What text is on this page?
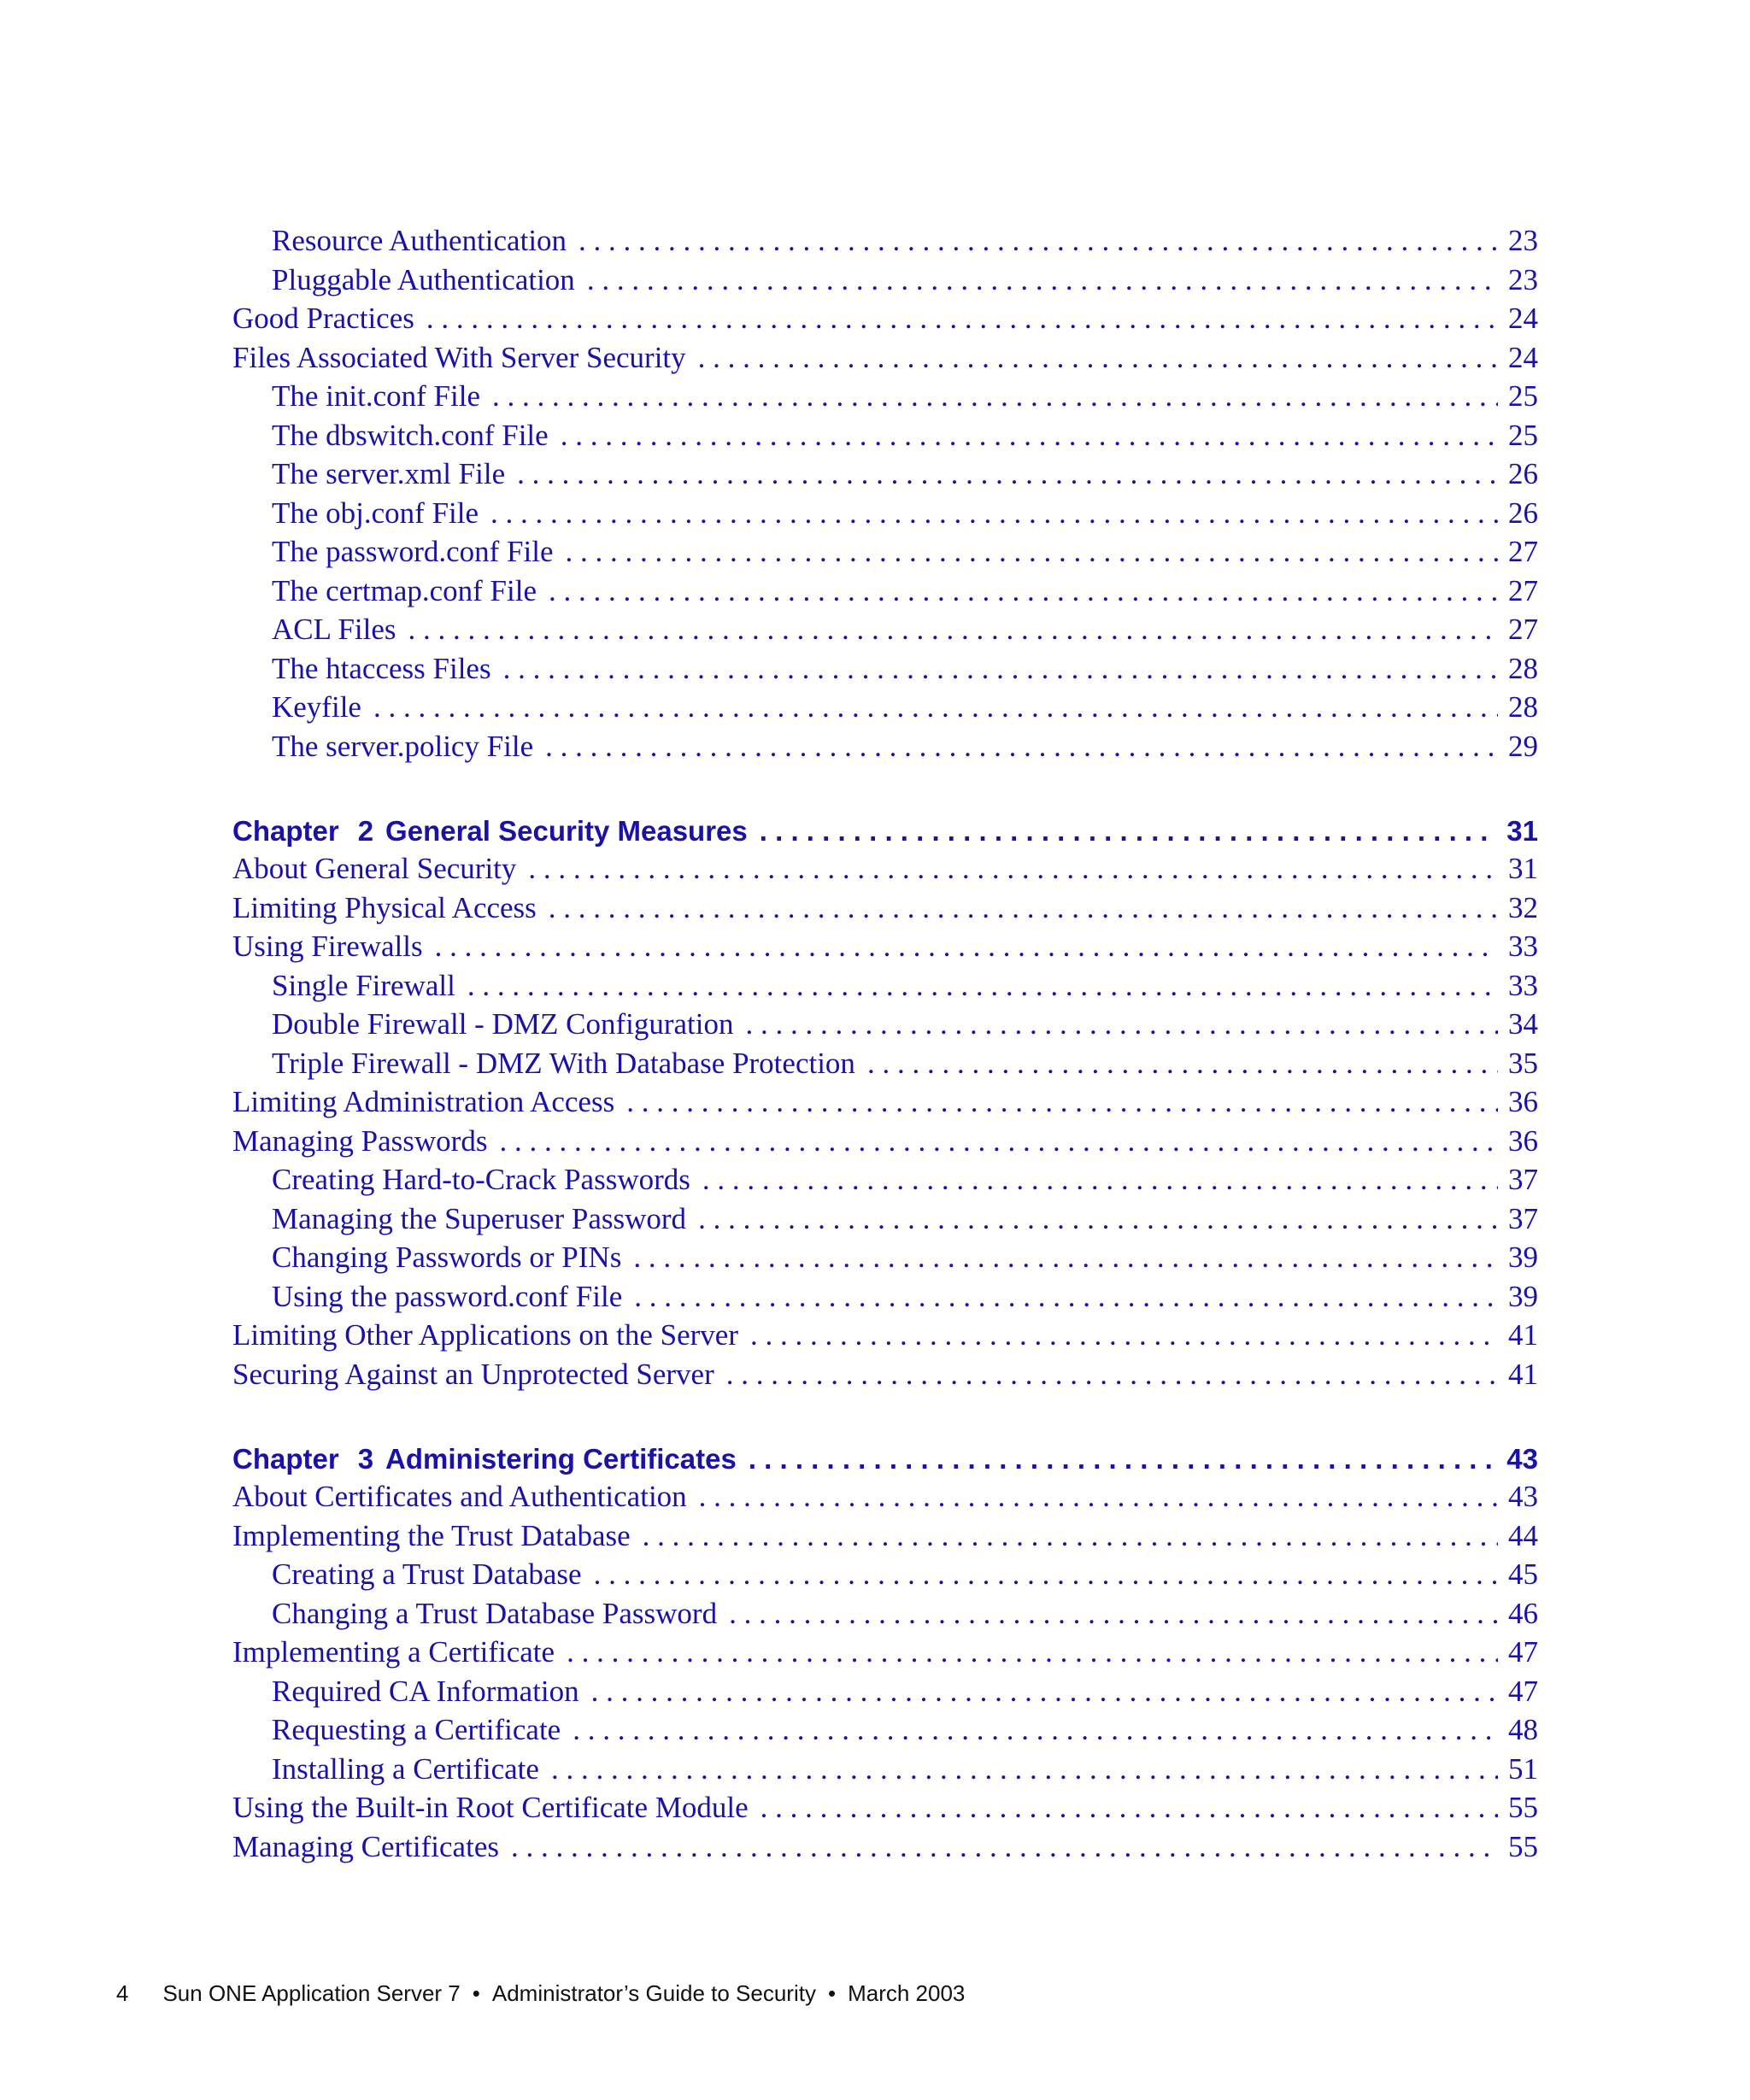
Resource Authentication . . .	23
Pluggable Authentication . . .	23
Good Practices . . .	24
Files Associated With Server Security . . .	24
The init.conf File . . .	25
The dbswitch.conf File . . .	25
The server.xml File . . .	26
The obj.conf File . . .	26
The password.conf File . . .	27
The certmap.conf File . . .	27
ACL Files . . .	27
The htaccess Files . . .	28
Keyfile . . .	28
The server.policy File . . .	29
Chapter 2 General Security Measures . . .	31
About General Security . . .	31
Limiting Physical Access . . .	32
Using Firewalls . . .	33
Single Firewall . . .	33
Double Firewall - DMZ Configuration . . .	34
Triple Firewall - DMZ With Database Protection . . .	35
Limiting Administration Access . . .	36
Managing Passwords . . .	36
Creating Hard-to-Crack Passwords . . .	37
Managing the Superuser Password . . .	37
Changing Passwords or PINs . . .	39
Using the password.conf File . . .	39
Limiting Other Applications on the Server . . .	41
Securing Against an Unprotected Server . . .	41
Chapter 3 Administering Certificates . . .	43
About Certificates and Authentication . . .	43
Implementing the Trust Database . . .	44
Creating a Trust Database . . .	45
Changing a Trust Database Password . . .	46
Implementing a Certificate . . .	47
Required CA Information . . .	47
Requesting a Certificate . . .	48
Installing a Certificate . . .	51
Using the Built-in Root Certificate Module . . .	55
Managing Certificates . . .	55
4 Sun ONE Application Server 7 • Administrator’s Guide to Security • March 2003
